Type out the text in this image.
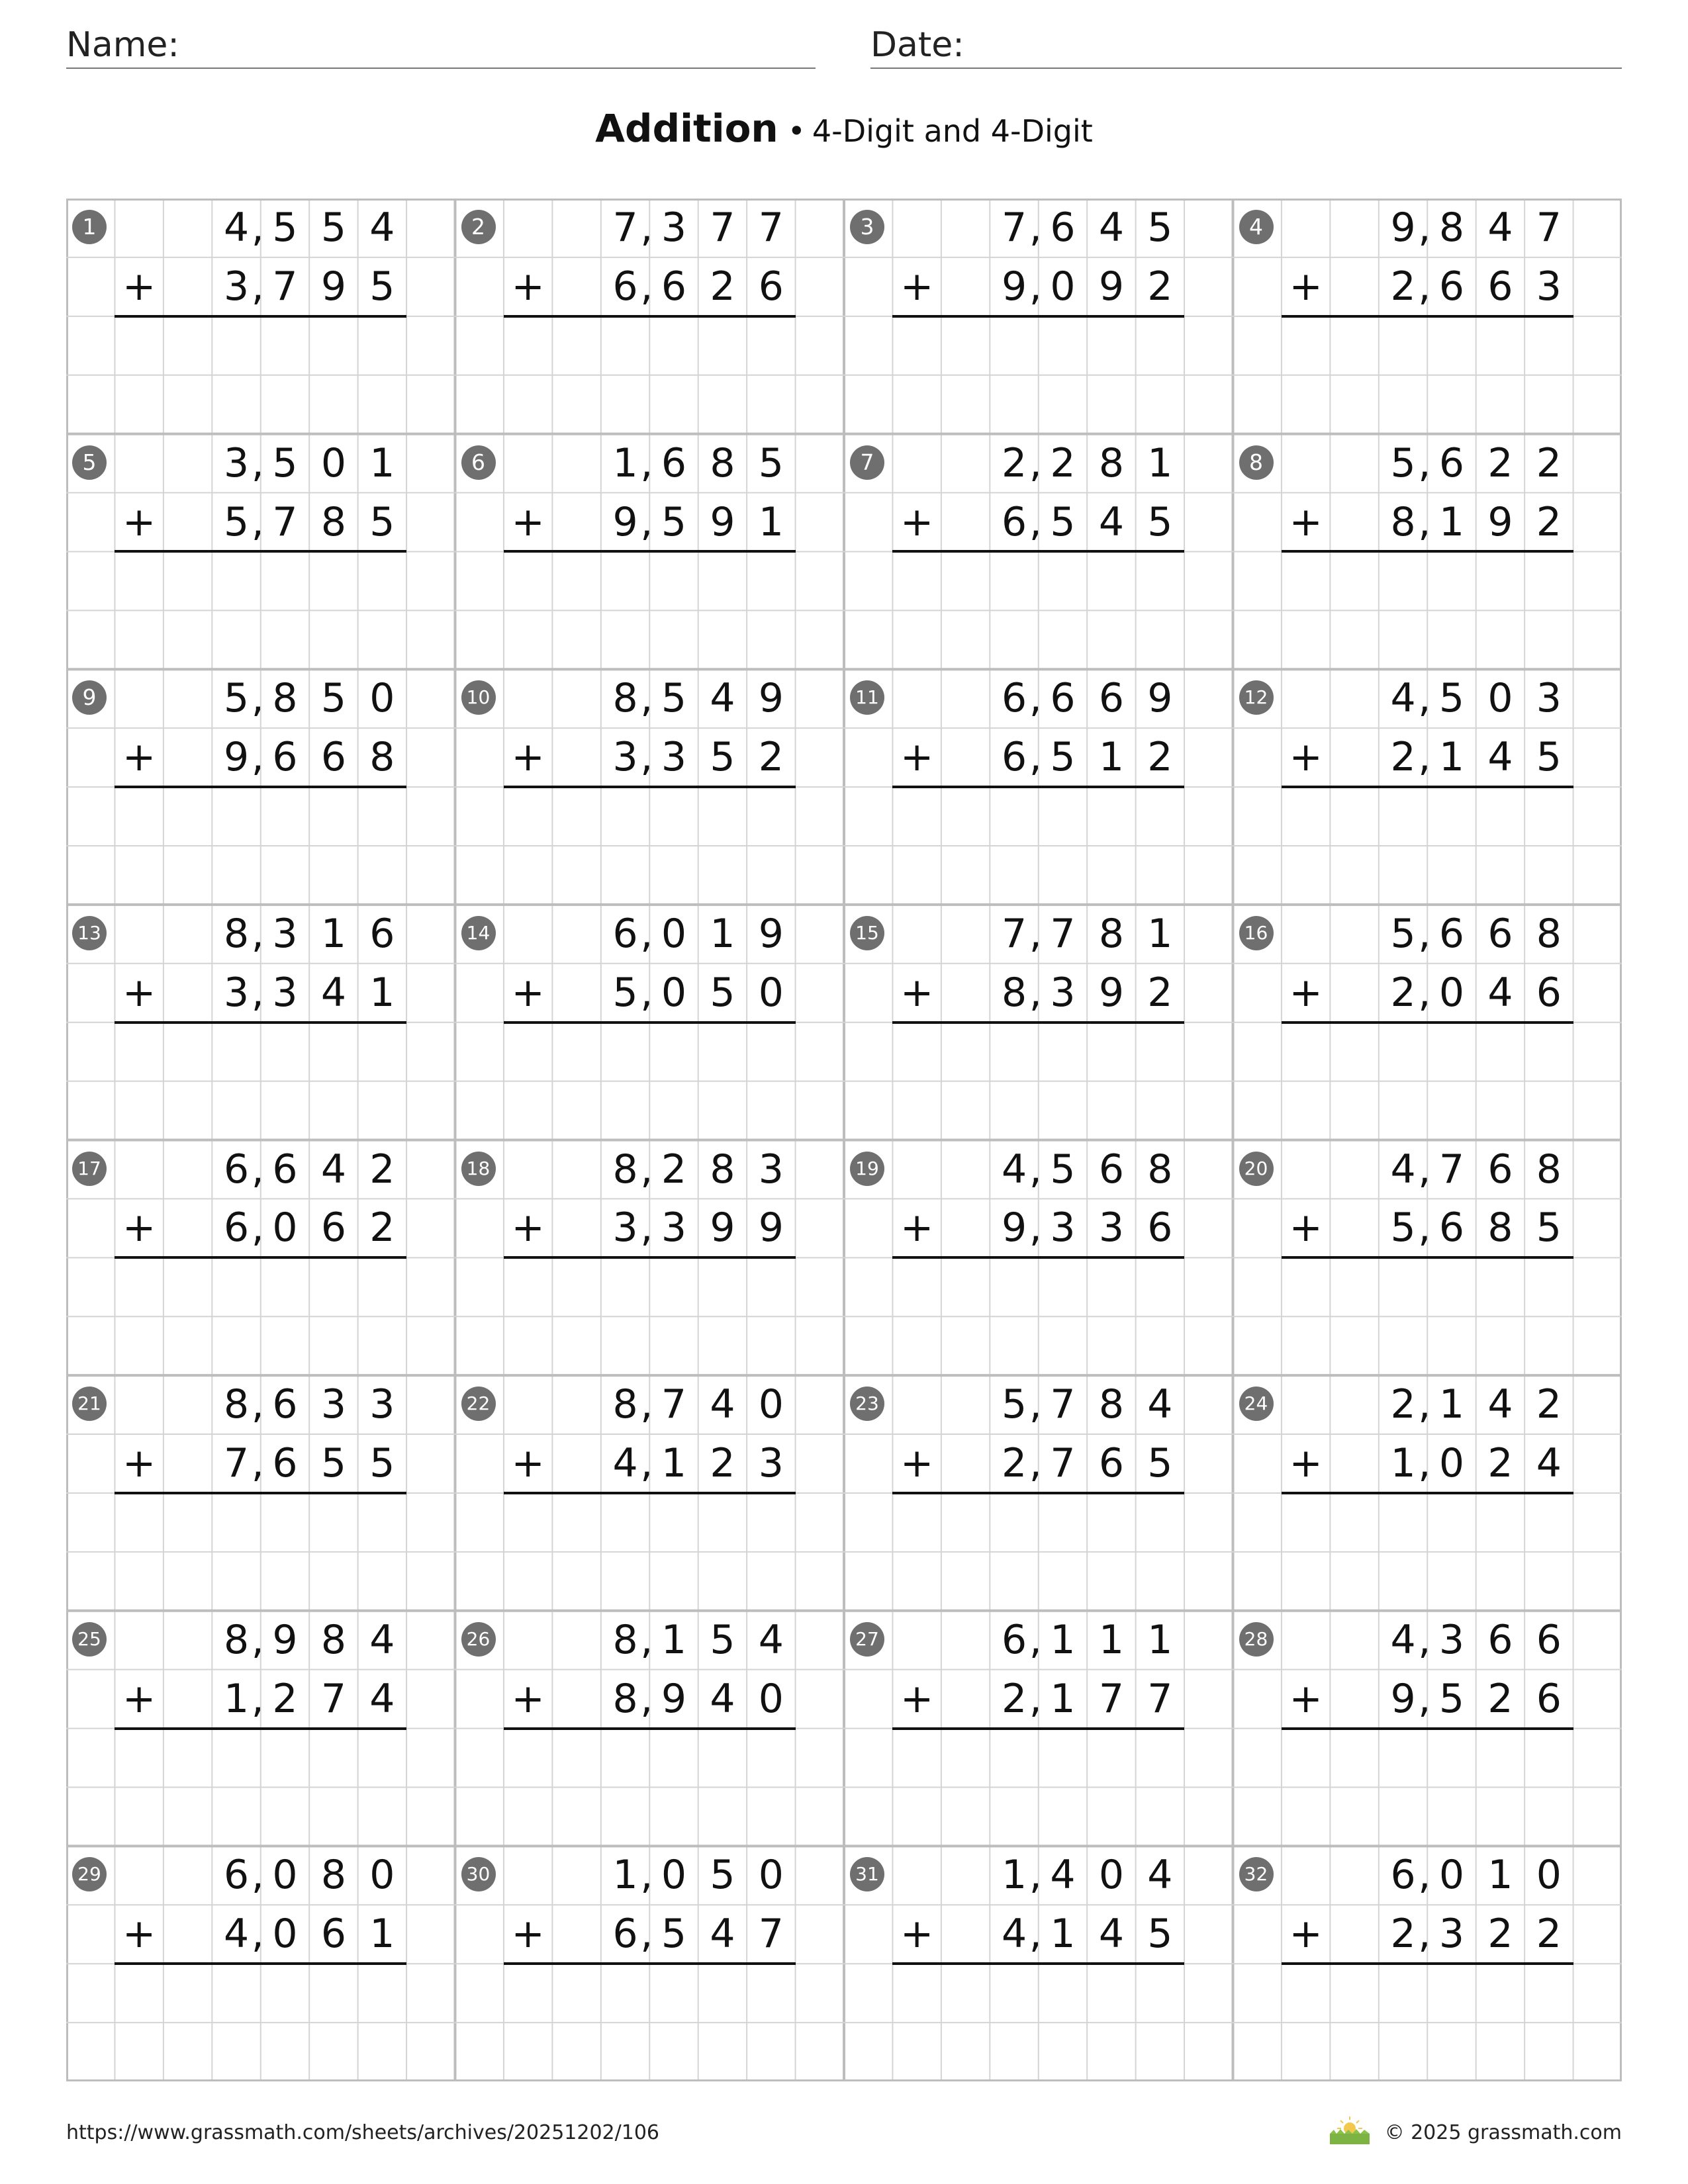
Name:	Date:
Addition • 4-Digit and 4-Digit
1	4 5 5 4
,
3 7 9 5
,
+
2	7 3 7 7
,
6 6 2 6
,
+
3	7 6 4 5
,
9 0 9 2
,
+
4	9 8 4 7
,
2 6 6 3
,
+
5	3 5 0 1
,
5 7 8 5
,
+
6	1 6 8 5
,
9 5 9 1
,
+
7	2 2 8 1
,
6 5 4 5
,
+
8	5 6 2 2
,
8 1 9 2
,
+
9	5 8 5 0
,
9 6 6 8
,
+
10	8 5 4 9
,
3 3 5 2
,
+
11	6 6 6 9
,
6 5 1 2
,
+
12	4 5 0 3
,
2 1 4 5
,
+
13	8 3 1 6
,
3 3 4 1
,
+
14	6 0 1 9
,
5 0 5 0
,
+
15	7 7 8 1
,
8 3 9 2
,
+
16	5 6 6 8
,
2 0 4 6
,
+
17	6 6 4 2
,
6 0 6 2
,
+
18	8 2 8 3
,
3 3 9 9
,
+
19	4 5 6 8
,
9 3 3 6
,
+
20	4 7 6 8
,
5 6 8 5
,
+
21	8 6 3 3
,
7 6 5 5
,
+
22	8 7 4 0
,
4 1 2 3
,
+
23	5 7 8 4
,
2 7 6 5
,
+
24	2 1 4 2
,
1 0 2 4
,
+
25	8 9 8 4
,
1 2 7 4
,
+
26	8 1 5 4
,
8 9 4 0
,
+
27	6 1 1 1
,
2 1 7 7
,
+
28	4 3 6 6
,
9 5 2 6
,
+
29	6 0 8 0
,
4 0 6 1
,
+
30	1 0 5 0
,
6 5 4 7
,
+
31	1 4 0 4
,
4 1 4 5
,
+
32	6 0 1 0
,
2 3 2 2
,
+
https://www.grassmath.com/sheets/archives/20251202/106	© 2025 grassmath.com
